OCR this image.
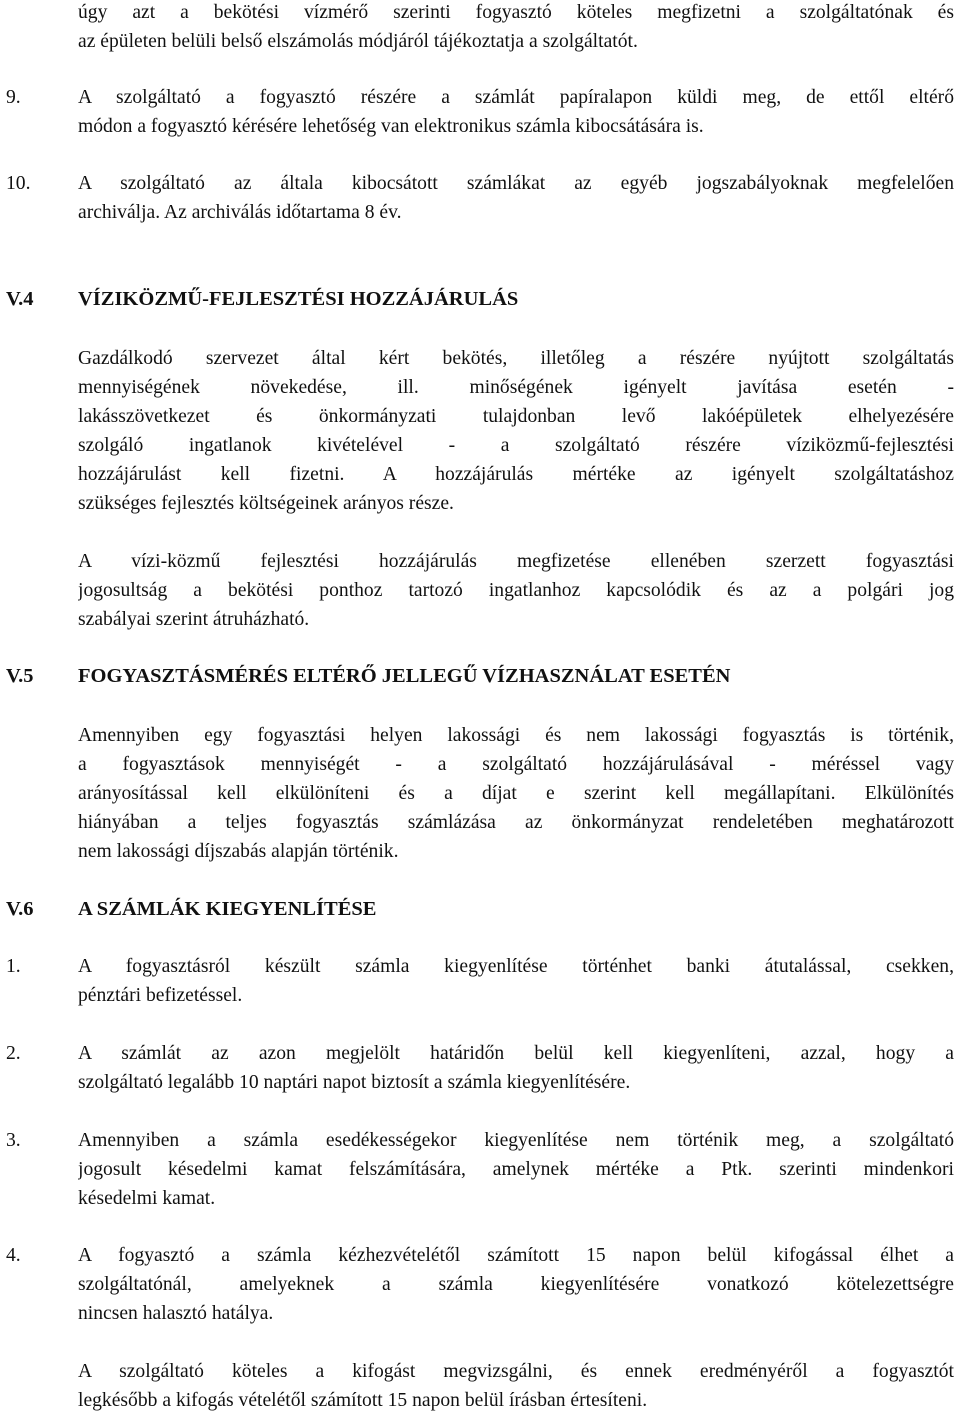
úgy azt a bekötési vízmérő szerinti fogyasztó köteles megfizetni a szolgáltatónak és
az épületen belüli belső elszámolás módjáról tájékoztatja a szolgáltatót.
9.	A szolgáltató a fogyasztó részére a számlát papíralapon küldi meg, de ettől eltérő
módon a fogyasztó kérésére lehetőség van elektronikus számla kibocsátására is.
10. A szolgáltató az általa kibocsátott számlákat az egyéb jogszabályoknak megfelelően
archiválja. Az archiválás időtartama 8 év.
V.4 VÍZIKÖZMŰ-FEJLESZTÉSI HOZZÁJÁRULÁS
Gazdálkodó szervezet által kért bekötés, illetőleg a részére nyújtott szolgáltatás
mennyiségének növekedése, ill. minőségének igényelt javítása esetén -
lakásszövetkezet és önkormányzati tulajdonban levő lakóépületek elhelyezésére
szolgáló ingatlanok kivételével - a szolgáltató részére víziközmű-fejlesztési
hozzájárulást kell fizetni. A hozzájárulás mértéke az igényelt szolgáltatáshoz
szükséges fejlesztés költségeinek arányos része.
A vízi-közmű fejlesztési hozzájárulás megfizetése ellenében szerzett fogyasztási
jogosultság a bekötési ponthoz tartozó ingatlanhoz kapcsolódik és az a polgári jog
szabályai szerint átruházható.
V.5 FOGYASZTÁSMÉRÉS ELTÉRŐ JELLEGŰ VÍZHASZNÁLAT ESETÉN
Amennyiben egy fogyasztási helyen lakossági és nem lakossági fogyasztás is történik,
a fogyasztások mennyiségét - a szolgáltató hozzájárulásával - méréssel vagy
arányosítással kell elkülöníteni és a díjat e szerint kell megállapítani. Elkülönítés
hiányában a teljes fogyasztás számlázása az önkormányzat rendeletében meghatározott
nem lakossági díjszabás alapján történik.
V.6 A SZÁMLÁK KIEGYENLÍTÉSE
1.	A fogyasztásról készült számla kiegyenlítése történhet banki átutalással, csekken,
pénztári befizetéssel.
2.	A számlát az azon megjelölt határidőn belül kell kiegyenlíteni, azzal, hogy a
szolgáltató legalább 10 naptári napot biztosít a számla kiegyenlítésére.
3.	Amennyiben a számla esedékességekor kiegyenlítése nem történik meg, a szolgáltató
jogosult késedelmi kamat felszámítására, amelynek mértéke a Ptk. szerinti mindenkori
késedelmi kamat.
4.	A fogyasztó a számla kézhezvételétől számított 15 napon belül kifogással élhet a
szolgáltatónál, amelyeknek a számla kiegyenlítésére vonatkozó kötelezettségre
nincsen halasztó hatálya.
A szolgáltató köteles a kifogást megvizsgálni, és ennek eredményéről a fogyasztót
legkésőbb a kifogás vételétől számított 15 napon belül írásban értesíteni.
